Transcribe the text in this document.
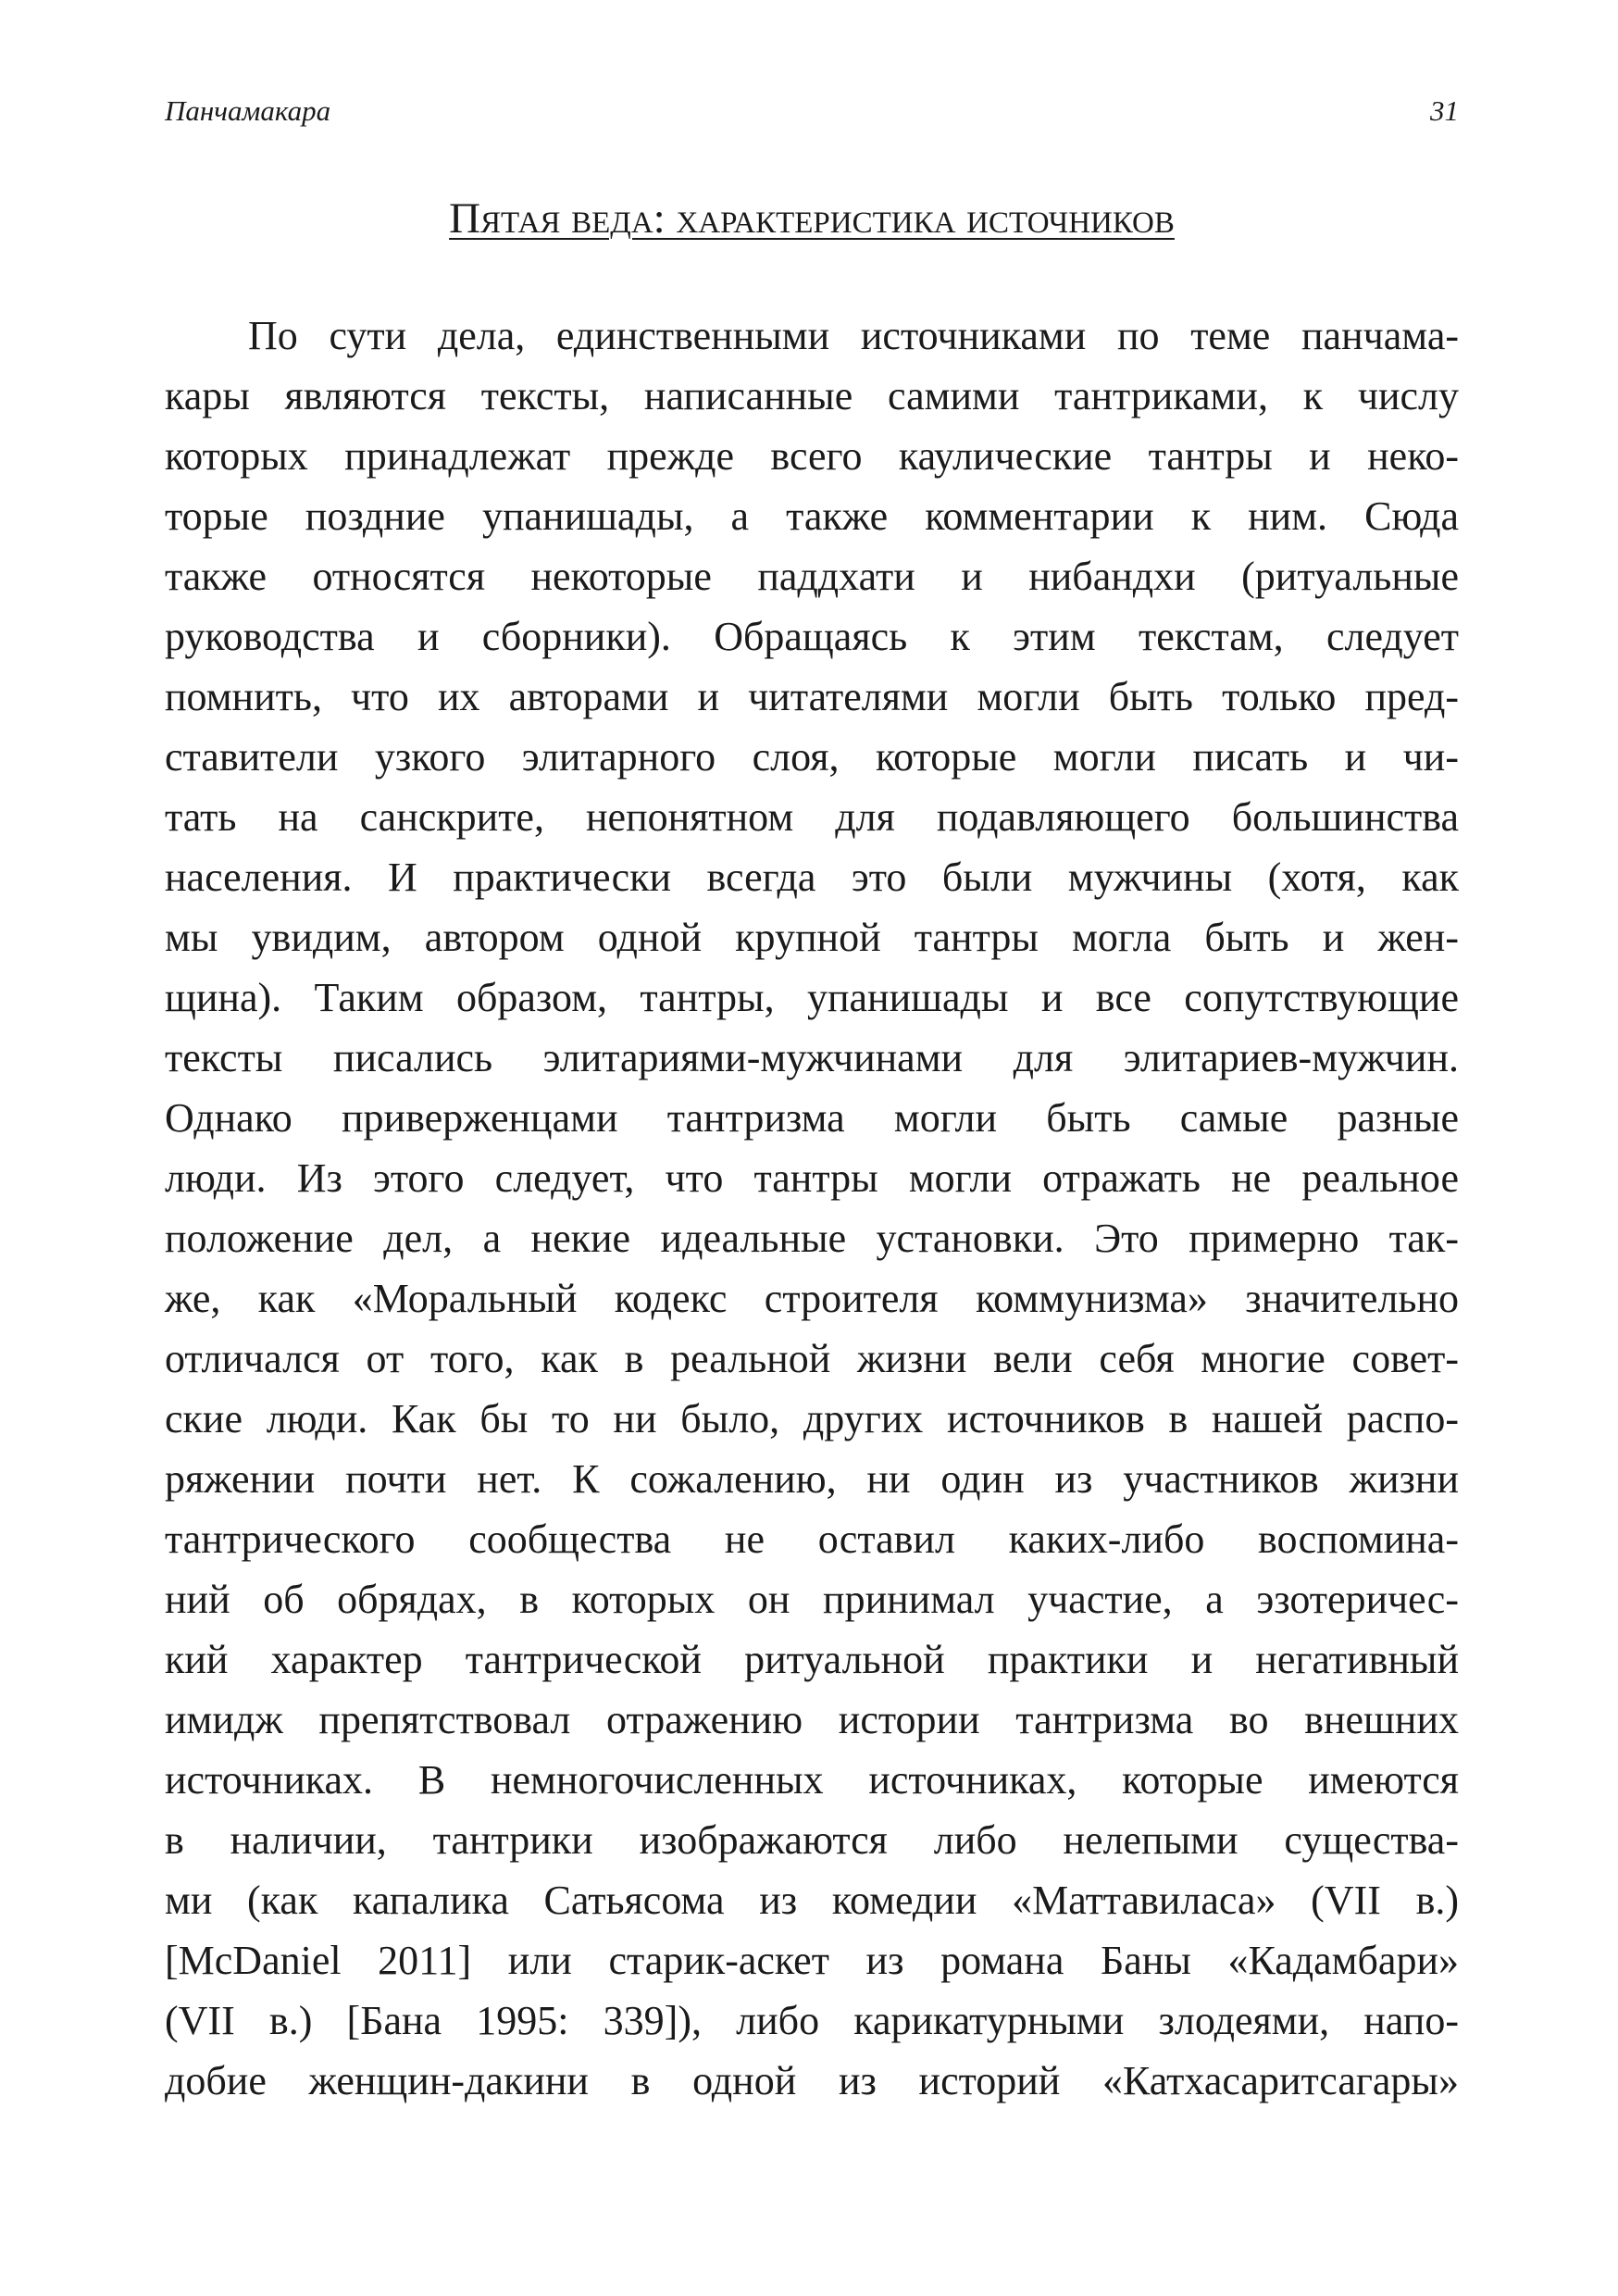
Панчамакара	31
Пятая веда: характеристика источников
По сути дела, единственными источниками по теме панчама-
кары являются тексты, написанные самими тантриками, к числу
которых принадлежат прежде всего каулические тантры и неко-
торые поздние упанишады, а также комментарии к ним. Сюда
также относятся некоторые паддхати и нибандхи (ритуальные
руководства и сборники). Обращаясь к этим текстам, следует
помнить, что их авторами и читателями могли быть только пред-
ставители узкого элитарного слоя, которые могли писать и чи-
тать на санскрите, непонятном для подавляющего большинства
населения. И практически всегда это были мужчины (хотя, как
мы увидим, автором одной крупной тантры могла быть и жен-
щина). Таким образом, тантры, упанишады и все сопутствующие
тексты писались элитариями-мужчинами для элитариев-мужчин.
Однако приверженцами тантризма могли быть самые разные
люди. Из этого следует, что тантры могли отражать не реальное
положение дел, а некие идеальные установки. Это примерно так-
же, как «Моральный кодекс строителя коммунизма» значительно
отличался от того, как в реальной жизни вели себя многие совет-
ские люди. Как бы то ни было, других источников в нашей распо-
ряжении почти нет. К сожалению, ни один из участников жизни
тантрического сообщества не оставил каких-либо воспомина-
ний об обрядах, в которых он принимал участие, а эзотеричес-
кий характер тантрической ритуальной практики и негативный
имидж препятствовал отражению истории тантризма во внешних
источниках. В немногочисленных источниках, которые имеются
в наличии, тантрики изображаются либо нелепыми существа-
ми (как капалика Сатьясома из комедии «Маттавиласа» (VII в.)
[McDaniel 2011] или старик-аскет из романа Баны «Кадамбари»
(VII в.) [Бана 1995: 339]), либо карикатурными злодеями, напо-
добие женщин-дакини в одной из историй «Катхасаритсагары»
